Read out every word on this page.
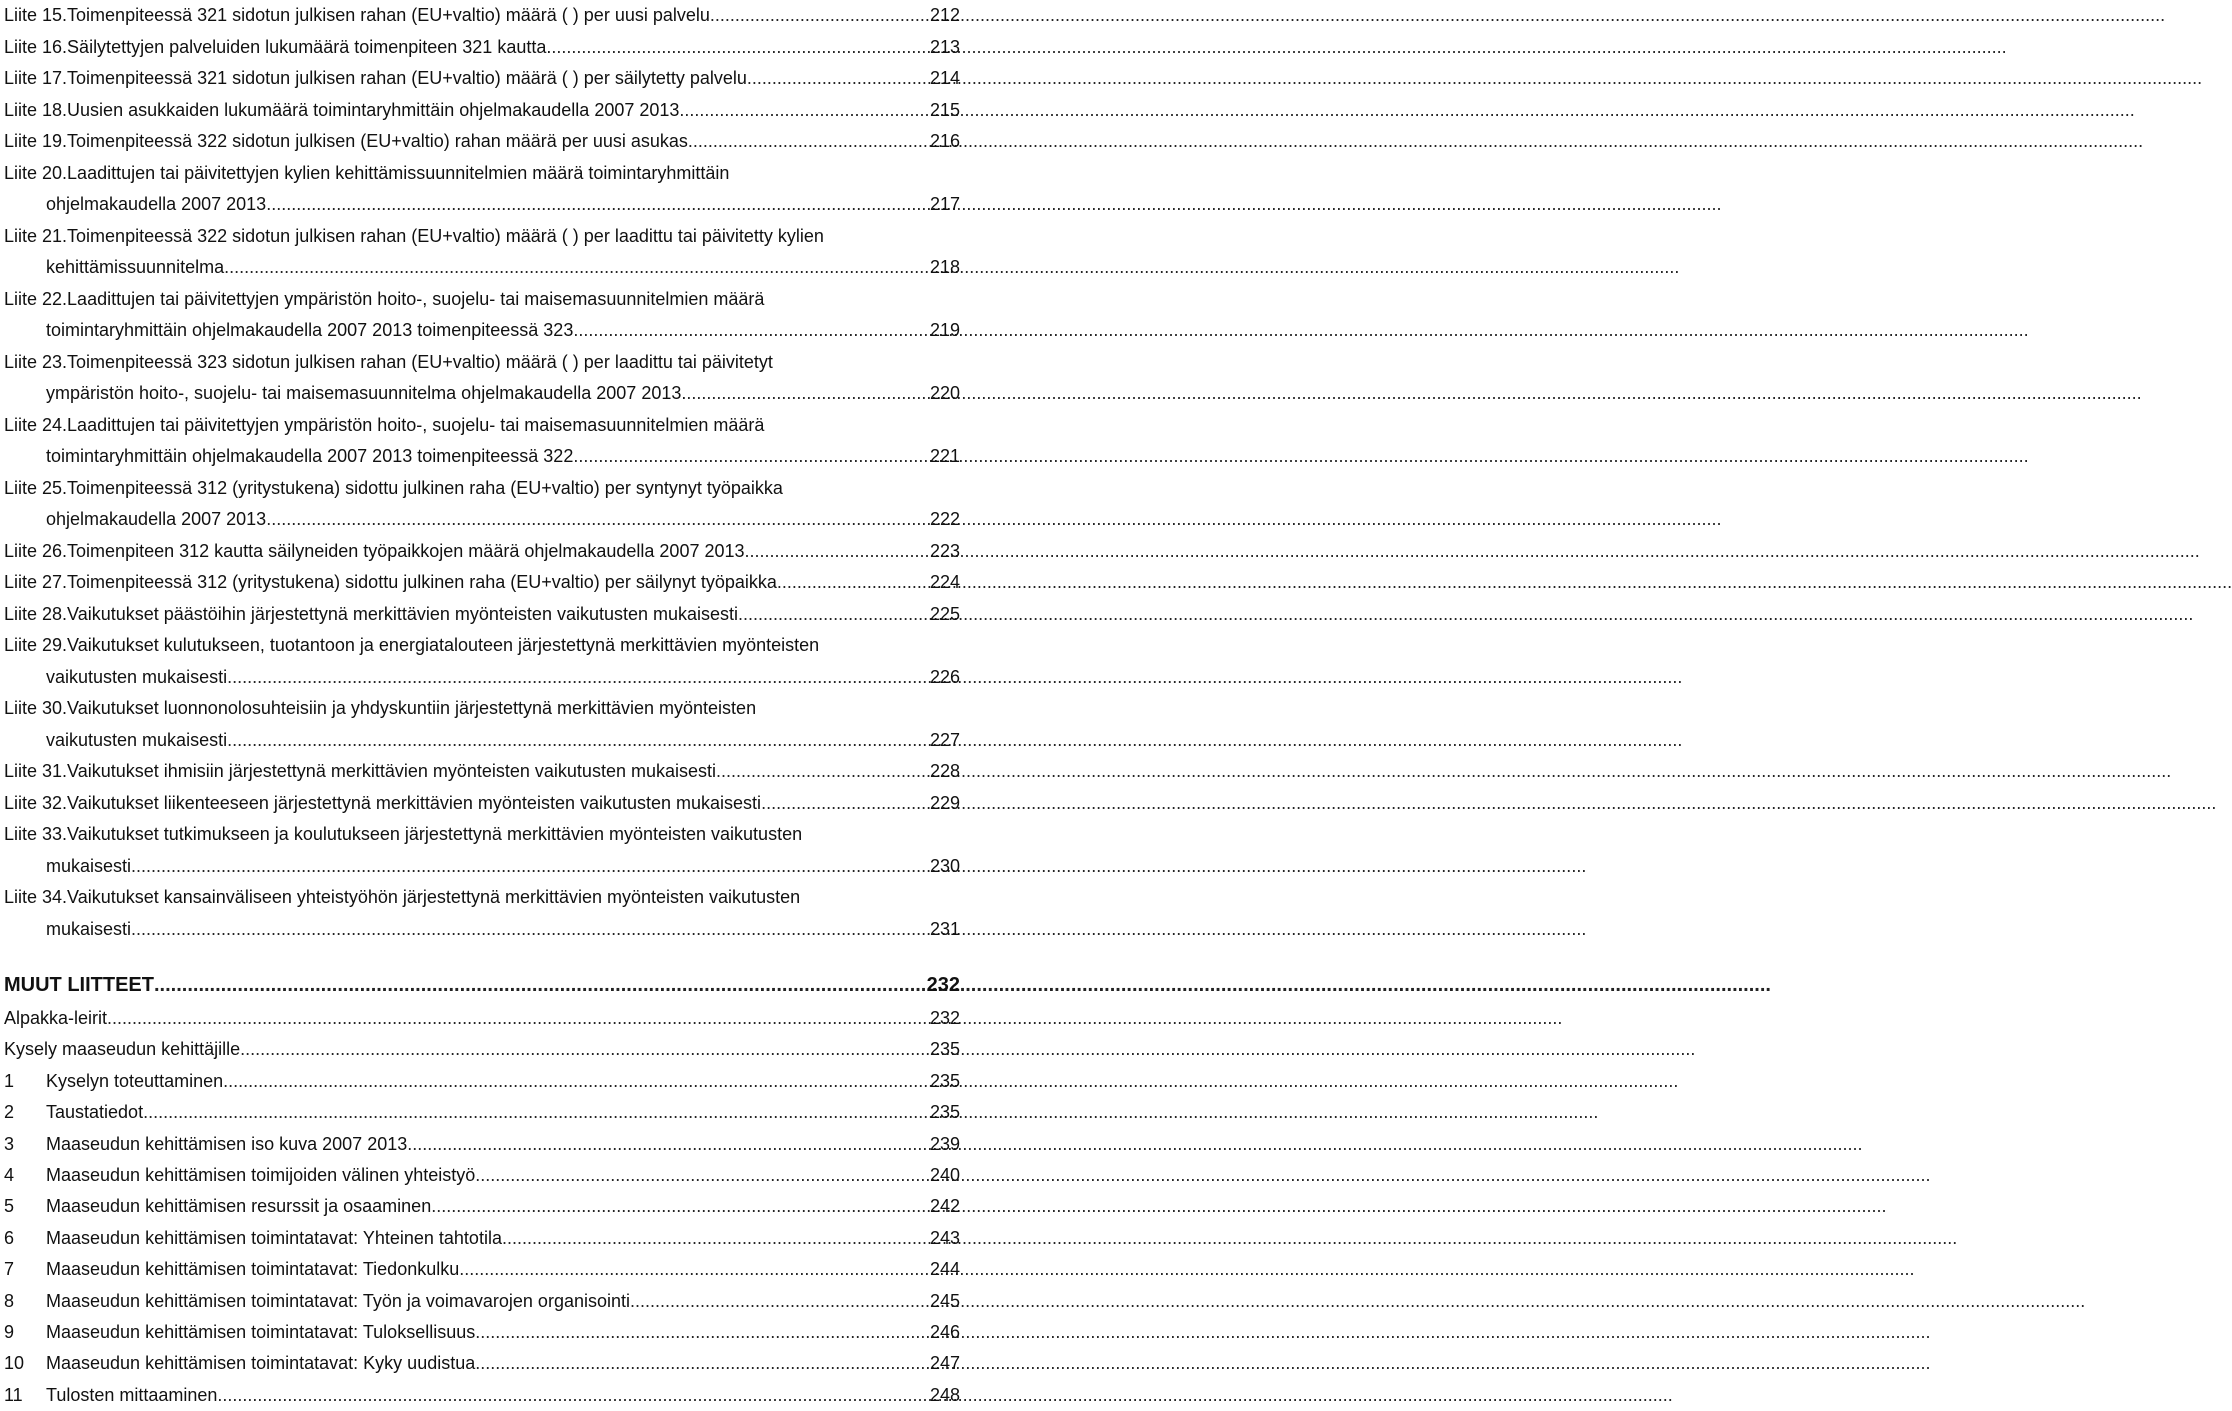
Liite 15. Toimenpiteessä 321 sidotun julkisen rahan (EU+valtio) määrä ( ) per uusi palvelu .....	212
Liite 16. Säilytettyjen palveluiden lukumäärä toimenpiteen 321 kautta. .....	213
Liite 17. Toimenpiteessä 321 sidotun julkisen rahan (EU+valtio) määrä ( ) per säilytetty palvelu .....	214
Liite 18. Uusien asukkaiden lukumäärä toimintaryhmittäin ohjelmakaudella 2007 2013 .....	215
Liite 19. Toimenpiteessä 322 sidotun julkisen (EU+valtio) rahan määrä per uusi asukas .....	216
Liite 20. Laadittujen tai päivitettyjen kylien kehittämissuunnitelmien määrä toimintaryhmittäin
ohjelmakaudella 2007 2013 .....	217
Liite 21. Toimenpiteessä 322 sidotun julkisen rahan (EU+valtio) määrä ( ) per laadittu tai päivitetty kylien
kehittämissuunnitelma .....	218
Liite 22. Laadittujen tai päivitettyjen ympäristön hoito-, suojelu- tai maisemasuunnitelmien määrä
toimintaryhmittäin ohjelmakaudella 2007 2013 toimenpiteessä 323 .....	219
Liite 23. Toimenpiteessä 323 sidotun julkisen rahan (EU+valtio) määrä ( ) per laadittu tai päivitetyt
ympäristön hoito-, suojelu- tai maisemasuunnitelma ohjelmakaudella 2007 2013. .....	220
Liite 24. Laadittujen tai päivitettyjen ympäristön hoito-, suojelu- tai maisemasuunnitelmien määrä
toimintaryhmittäin ohjelmakaudella 2007 2013 toimenpiteessä 322 .....	221
Liite 25. Toimenpiteessä 312 (yritystukena) sidottu julkinen raha (EU+valtio) per syntynyt työpaikka
ohjelmakaudella 2007 2013 .....	222
Liite 26. Toimenpiteen 312 kautta säilyneiden työpaikkojen määrä ohjelmakaudella 2007 2013 .....	223
Liite 27. Toimenpiteessä 312 (yritystukena) sidottu julkinen raha (EU+valtio) per säilynyt työpaikka .....	224
Liite 28. Vaikutukset päästöihin järjestettynä merkittävien myönteisten vaikutusten mukaisesti .....	225
Liite 29. Vaikutukset kulutukseen, tuotantoon ja energiatalouteen järjestettynä merkittävien myönteisten
vaikutusten mukaisesti .....	226
Liite 30. Vaikutukset luonnonolosuhteisiin ja yhdyskuntiin järjestettynä merkittävien myönteisten
vaikutusten mukaisesti .....	227
Liite 31. Vaikutukset ihmisiin järjestettynä merkittävien myönteisten vaikutusten mukaisesti .....	228
Liite 32. Vaikutukset liikenteeseen järjestettynä merkittävien myönteisten vaikutusten mukaisesti .....	229
Liite 33. Vaikutukset tutkimukseen ja koulutukseen järjestettynä merkittävien myönteisten vaikutusten
mukaisesti .....	230
Liite 34. Vaikutukset kansainväliseen yhteistyöhön järjestettynä merkittävien myönteisten vaikutusten
mukaisesti .....	231
MUUT LIITTEET .....	232
Alpakka-leirit .....	232
Kysely maaseudun kehittäjille .....	235
1	Kyselyn toteuttaminen .....	235
2	Taustatiedot .....	235
3	Maaseudun kehittämisen iso kuva 2007 2013 .....	239
4	Maaseudun kehittämisen toimijoiden välinen yhteistyö .....	240
5	Maaseudun kehittämisen resurssit ja osaaminen .....	242
6	Maaseudun kehittämisen toimintatavat: Yhteinen tahtotila .....	243
7	Maaseudun kehittämisen toimintatavat: Tiedonkulku .....	244
8	Maaseudun kehittämisen toimintatavat: Työn ja voimavarojen organisointi .....	245
9	Maaseudun kehittämisen toimintatavat: Tuloksellisuus .....	246
10	Maaseudun kehittämisen toimintatavat: Kyky uudistua .....	247
11	Tulosten mittaaminen .....	248
